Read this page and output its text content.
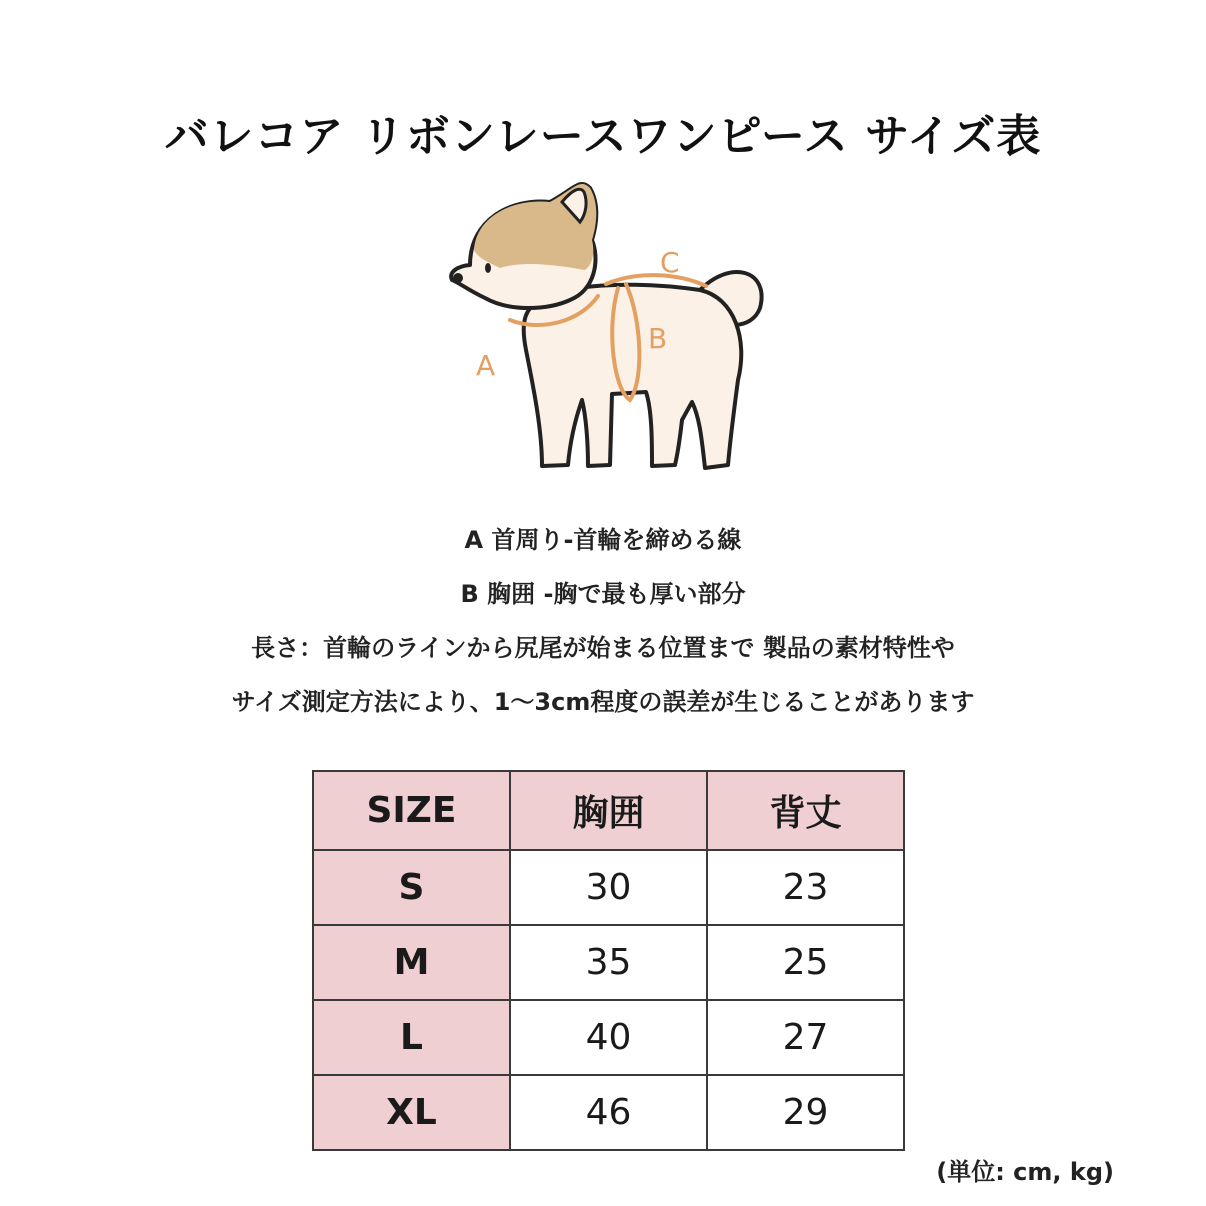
バレコア リボンレースワンピース サイズ表
A
B
C
A 首周り-首輪を締める線
B 胸囲 -胸で最も厚い部分
長さ：首輪のラインから尻尾が始まる位置まで 製品の素材特性や
サイズ測定方法により、1〜3cm程度の誤差が生じることがあります
SIZE	胸囲	背丈
S	30	23
M	35	25
L	40	27
XL	46	29
(単位: cm, kg)
